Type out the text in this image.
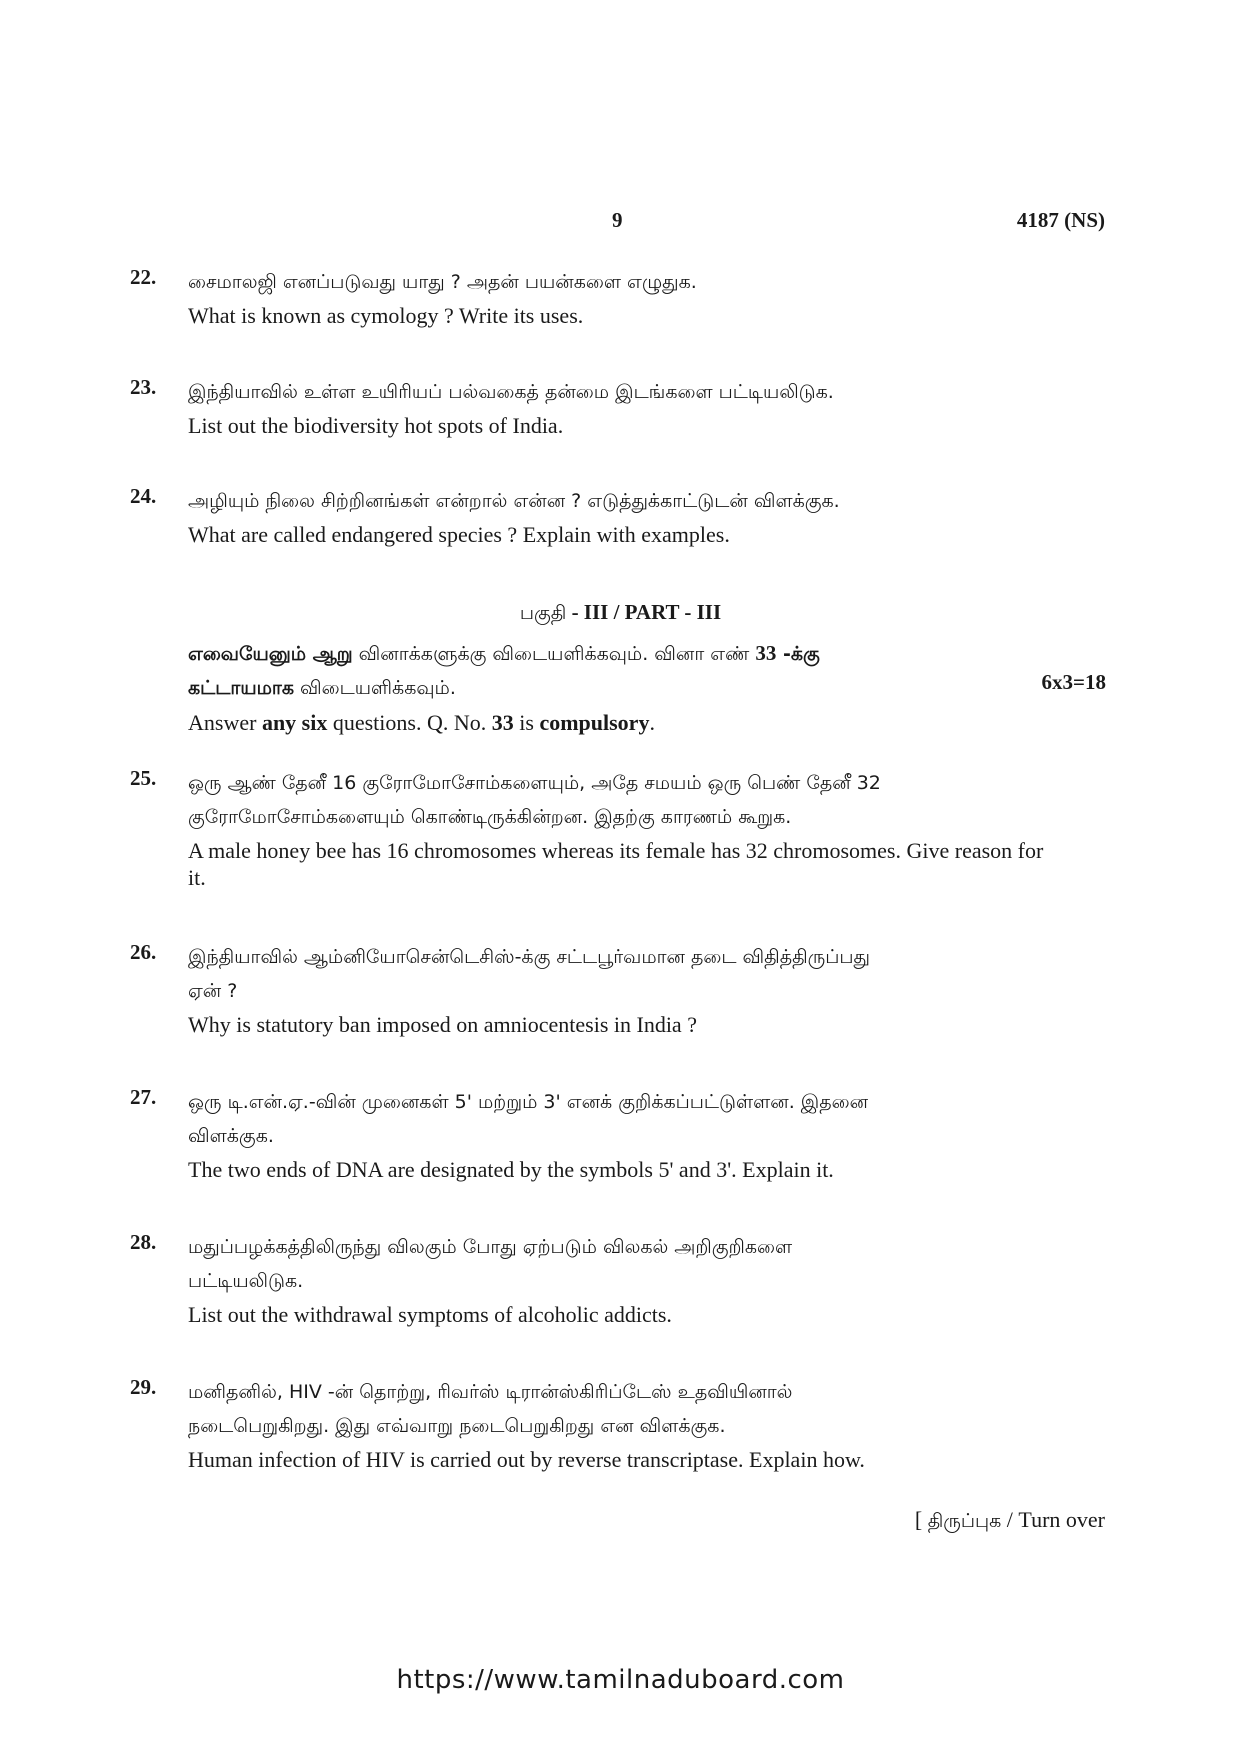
9	4187 (NS)
22. சைமாலஜி எனப்படுவது யாது ? அதன் பயன்களை எழுதுக.
What is known as cymology ? Write its uses.
23. இந்தியாவில் உள்ள உயிரியப் பல்வகைத் தன்மை இடங்களை பட்டியலிடுக.
List out the biodiversity hot spots of India.
24. அழியும் நிலை சிற்றினங்கள் என்றால் என்ன ? எடுத்துக்காட்டுடன் விளக்குக.
What are called endangered species ? Explain with examples.
பகுதி - III / PART - III
எவையேனும் ஆறு வினாக்களுக்கு விடையளிக்கவும். வினா எண் 33 -க்கு
கட்டாயமாக விடையளிக்கவும்.	6x3=18
Answer any six questions. Q. No. 33 is compulsory.
25. ஒரு ஆண் தேனீ 16 குரோமோசோம்களையும், அதே சமயம் ஒரு பெண் தேனீ 32
குரோமோசோம்களையும் கொண்டிருக்கின்றன. இதற்கு காரணம் கூறுக.
A male honey bee has 16 chromosomes whereas its female has 32 chromosomes. Give reason for it.
26. இந்தியாவில் ஆம்னியோசென்டெசிஸ்-க்கு சட்டபூர்வமான தடை விதித்திருப்பது
ஏன் ?
Why is statutory ban imposed on amniocentesis in India ?
27. ஒரு டி.என்.ஏ.-வின் முனைகள் 5' மற்றும் 3' எனக் குறிக்கப்பட்டுள்ளன. இதனை
விளக்குக.
The two ends of DNA are designated by the symbols 5' and 3'. Explain it.
28. மதுப்பழக்கத்திலிருந்து விலகும் போது ஏற்படும் விலகல் அறிகுறிகளை
பட்டியலிடுக.
List out the withdrawal symptoms of alcoholic addicts.
29. மனிதனில், HIV -ன் தொற்று, ரிவர்ஸ் டிரான்ஸ்கிரிப்டேஸ் உதவியினால்
நடைபெறுகிறது. இது எவ்வாறு நடைபெறுகிறது என விளக்குக.
Human infection of HIV is carried out by reverse transcriptase. Explain how.
[ திருப்புக / Turn over
https://www.tamilnaduboard.com
